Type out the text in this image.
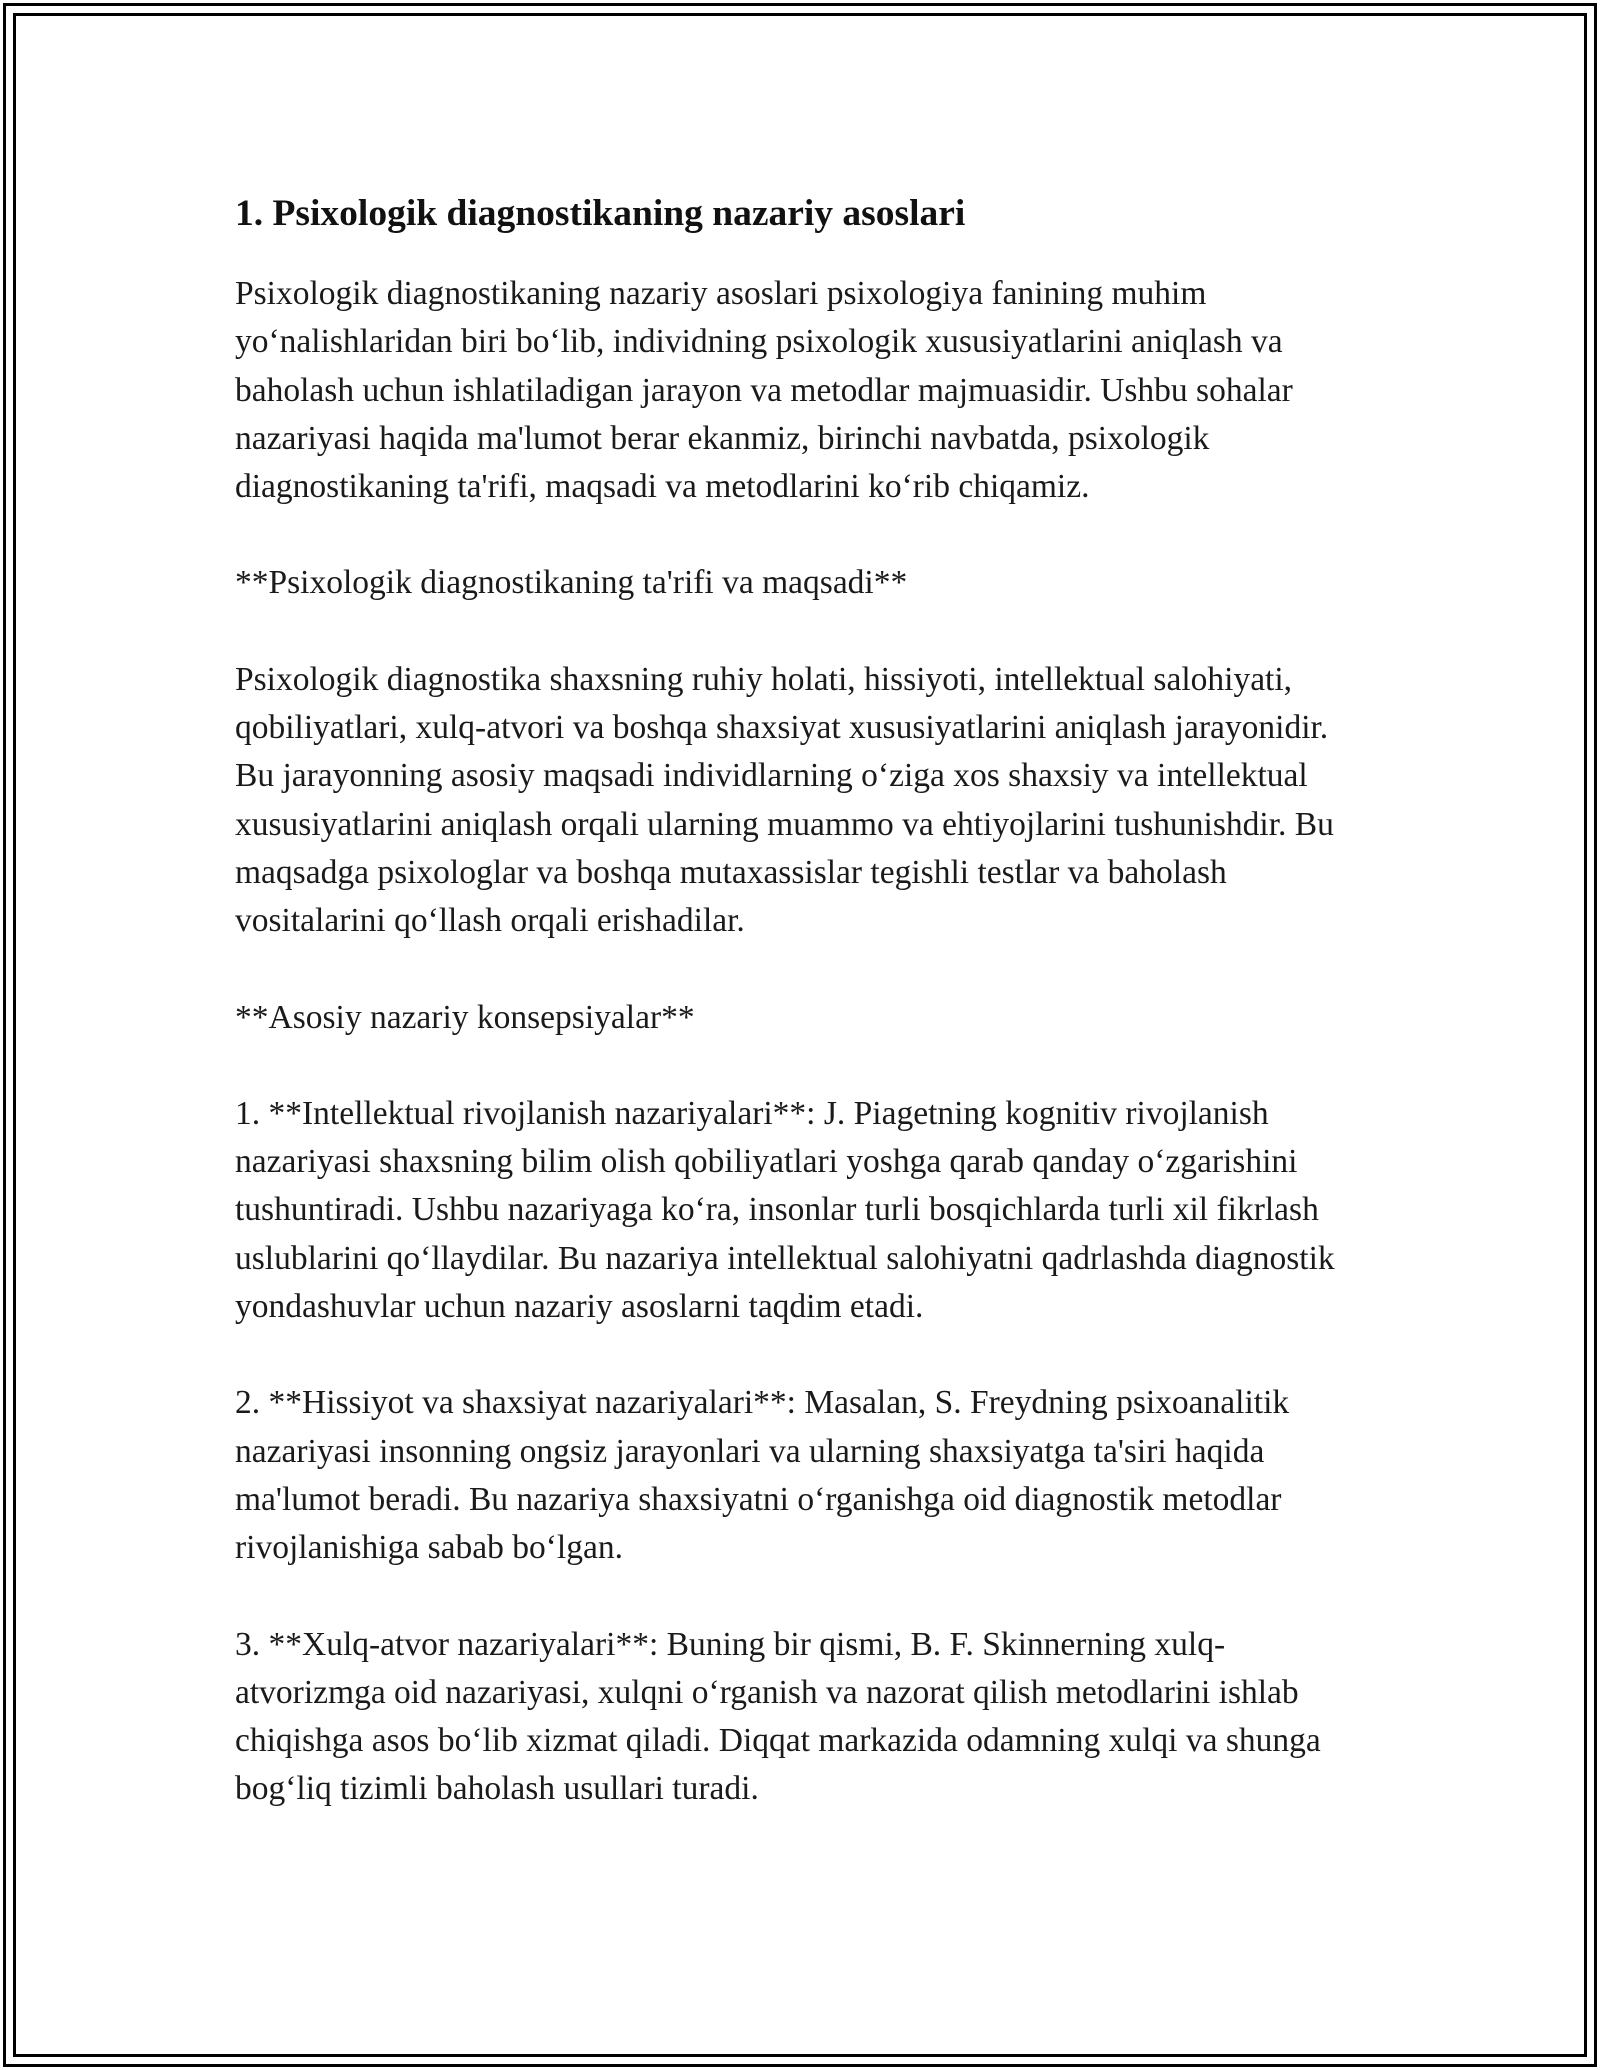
1. Psixologik diagnostikaning nazariy asoslari

Psixologik diagnostikaning nazariy asoslari psixologiya fanining muhim yo‘nalishlaridan biri bo‘lib, individning psixologik xususiyatlarini aniqlash va baholash uchun ishlatiladigan jarayon va metodlar majmuasidir. Ushbu sohalar nazariyasi haqida ma'lumot berar ekanmiz, birinchi navbatda, psixologik diagnostikaning ta'rifi, maqsadi va metodlarini ko‘rib chiqamiz.

**Psixologik diagnostikaning ta'rifi va maqsadi**

Psixologik diagnostika shaxsning ruhiy holati, hissiyoti, intellektual salohiyati, qobiliyatlari, xulq-atvori va boshqa shaxsiyat xususiyatlarini aniqlash jarayonidir. Bu jarayonning asosiy maqsadi individlarning o‘ziga xos shaxsiy va intellektual xususiyatlarini aniqlash orqali ularning muammo va ehtiyojlarini tushunishdir. Bu maqsadga psixologlar va boshqa mutaxassislar tegishli testlar va baholash vositalarini qo‘llash orqali erishadilar.

**Asosiy nazariy konsepsiyalar**

1. **Intellektual rivojlanish nazariyalari**: J. Piagetning kognitiv rivojlanish nazariyasi shaxsning bilim olish qobiliyatlari yoshga qarab qanday o‘zgarishini tushuntiradi. Ushbu nazariyaga ko‘ra, insonlar turli bosqichlarda turli xil fikrlash uslublarini qo‘llaydilar. Bu nazariya intellektual salohiyatni qadrlashda diagnostik yondashuvlar uchun nazariy asoslarni taqdim etadi.

2. **Hissiyot va shaxsiyat nazariyalari**: Masalan, S. Freydning psixoanalitik nazariyasi insonning ongsiz jarayonlari va ularning shaxsiyatga ta'siri haqida ma'lumot beradi. Bu nazariya shaxsiyatni o‘rganishga oid diagnostik metodlar rivojlanishiga sabab bo‘lgan.

3. **Xulq-atvor nazariyalari**: Buning bir qismi, B. F. Skinnerning xulq-atvorizmga oid nazariyasi, xulqni o‘rganish va nazorat qilish metodlarini ishlab chiqishga asos bo‘lib xizmat qiladi. Diqqat markazida odamning xulqi va shunga bog‘liq tizimli baholash usullari turadi.
